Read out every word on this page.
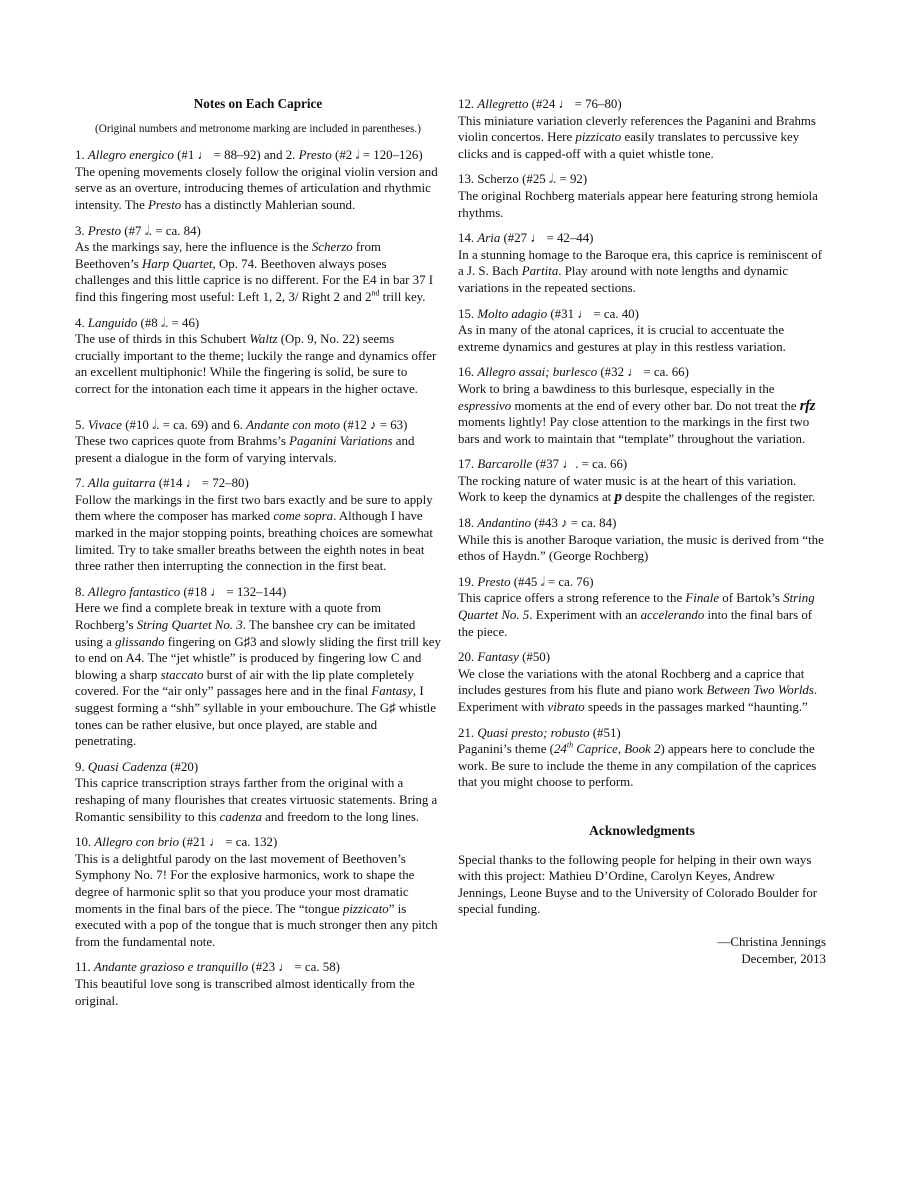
Notes on Each Caprice
(Original numbers and metronome marking are included in parentheses.)

1. Allegro energico (#1 ♩ = 88–92) and 2. Presto (#2 𝅗𝅥 = 120–126)

The opening movements closely follow the original violin version and serve as an overture, introducing themes of articulation and rhythmic intensity. The Presto has a distinctly Mahlerian sound.

3. Presto (#7 𝅗𝅥. = ca. 84)

As the markings say, here the influence is the Scherzo from Beethoven’s Harp Quartet, Op. 74. Beethoven always poses challenges and this little caprice is no different. For the E4 in bar 37 I find this fingering most useful: Left 1, 2, 3/ Right 2 and 2nd trill key.

4. Languido (#8 𝅗𝅥. = 46)

The use of thirds in this Schubert Waltz (Op. 9, No. 22) seems crucially important to the theme; luckily the range and dynamics offer an excellent multiphonic! While the fingering is solid, be sure to correct for the intonation each time it appears in the higher octave.

5. Vivace (#10 𝅗𝅥. = ca. 69) and 6. Andante con moto (#12 ♪ = 63)

These two caprices quote from Brahms’s Paganini Variations and present a dialogue in the form of varying intervals.

7. Alla guitarra (#14 ♩ = 72–80)

Follow the markings in the first two bars exactly and be sure to apply them where the composer has marked come sopra. Although I have marked in the major stopping points, breathing choices are somewhat limited. Try to take smaller breaths between the eighth notes in beat three rather then interrupting the connection in the first beat.

8. Allegro fantastico (#18 ♩ = 132–144)

Here we find a complete break in texture with a quote from Rochberg’s String Quartet No. 3. The banshee cry can be imitated using a glissando fingering on G♯3 and slowly sliding the first trill key to end on A4. The “jet whistle” is produced by fingering low C and blowing a sharp staccato burst of air with the lip plate completely covered. For the “air only” passages here and in the final Fantasy, I suggest forming a “shh” syllable in your embouchure. The G♯ whistle tones can be rather elusive, but once played, are stable and penetrating.

9. Quasi Cadenza (#20)

This caprice transcription strays farther from the original with a reshaping of many flourishes that creates virtuosic statements. Bring a Romantic sensibility to this cadenza and freedom to the long lines.

10. Allegro con brio (#21 ♩ = ca. 132)

This is a delightful parody on the last movement of Beethoven’s Symphony No. 7! For the explosive harmonics, work to shape the degree of harmonic split so that you produce your most dramatic moments in the final bars of the piece. The “tongue pizzicato” is executed with a pop of the tongue that is much stronger then any pitch from the fundamental note.

11. Andante grazioso e tranquillo (#23 ♩ = ca. 58)

This beautiful love song is transcribed almost identically from the original.

12. Allegretto (#24 ♩ = 76–80)

This miniature variation cleverly references the Paganini and Brahms violin concertos. Here pizzicato easily translates to percussive key clicks and is capped-off with a quiet whistle tone.

13. Scherzo (#25 𝅗𝅥. = 92)

The original Rochberg materials appear here featuring strong hemiola rhythms.

14. Aria (#27 ♩ = 42–44)

In a stunning homage to the Baroque era, this caprice is reminiscent of a J. S. Bach Partita. Play around with note lengths and dynamic variations in the repeated sections.

15. Molto adagio (#31 ♩ = ca. 40)

As in many of the atonal caprices, it is crucial to accentuate the extreme dynamics and gestures at play in this restless variation.

16. Allegro assai; burlesco (#32 ♩ = ca. 66)

Work to bring a bawdiness to this burlesque, especially in the espressivo moments at the end of every other bar. Do not treat the rfz moments lightly! Pay close attention to the markings in the first two bars and work to maintain that “template” throughout the variation.

17. Barcarolle (#37 ♩. = ca. 66)

The rocking nature of water music is at the heart of this variation. Work to keep the dynamics at p despite the challenges of the register.

18. Andantino (#43 ♪ = ca. 84)

While this is another Baroque variation, the music is derived from “the ethos of Haydn.” (George Rochberg)

19. Presto (#45 𝅗𝅥 = ca. 76)

This caprice offers a strong reference to the Finale of Bartok’s String Quartet No. 5. Experiment with an accelerando into the final bars of the piece.

20. Fantasy (#50)

We close the variations with the atonal Rochberg and a caprice that includes gestures from his flute and piano work Between Two Worlds. Experiment with vibrato speeds in the passages marked “haunting.”

21. Quasi presto; robusto (#51)

Paganini’s theme (24th Caprice, Book 2) appears here to conclude the work. Be sure to include the theme in any compilation of the caprices that you might choose to perform.

Acknowledgments

Special thanks to the following people for helping in their own ways with this project: Mathieu D’Ordine, Carolyn Keyes, Andrew Jennings, Leone Buyse and to the University of Colorado Boulder for special funding.

—Christina Jennings
December, 2013
